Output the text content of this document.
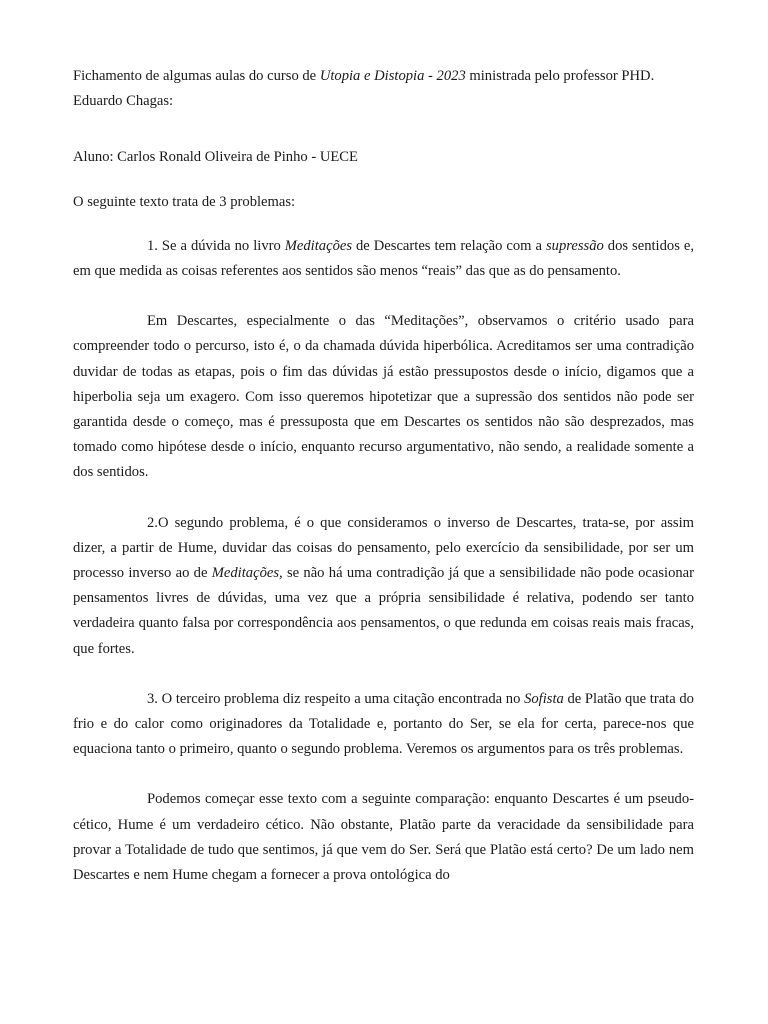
Fichamento de algumas aulas do curso de Utopia e Distopia - 2023 ministrada pelo professor PHD. Eduardo Chagas:

Aluno: Carlos Ronald Oliveira de Pinho - UECE

O seguinte texto trata de 3 problemas:

1. Se a dúvida no livro Meditações de Descartes tem relação com a supressão dos sentidos e, em que medida as coisas referentes aos sentidos são menos “reais” das que as do pensamento.

Em Descartes, especialmente o das “Meditações”, observamos o critério usado para compreender todo o percurso, isto é, o da chamada dúvida hiperbólica. Acreditamos ser uma contradição duvidar de todas as etapas, pois o fim das dúvidas já estão pressupostos desde o início, digamos que a hiperbolia seja um exagero. Com isso queremos hipotetizar que a supressão dos sentidos não pode ser garantida desde o começo, mas é pressuposta que em Descartes os sentidos não são desprezados, mas tomado como hipótese desde o início, enquanto recurso argumentativo, não sendo, a realidade somente a dos sentidos.

2.O segundo problema, é o que consideramos o inverso de Descartes, trata-se, por assim dizer, a partir de Hume, duvidar das coisas do pensamento, pelo exercício da sensibilidade, por ser um processo inverso ao de Meditações, se não há uma contradição já que a sensibilidade não pode ocasionar pensamentos livres de dúvidas, uma vez que a própria sensibilidade é relativa, podendo ser tanto verdadeira quanto falsa por correspondência aos pensamentos, o que redunda em coisas reais mais fracas, que fortes.

3. O terceiro problema diz respeito a uma citação encontrada no Sofista de Platão que trata do frio e do calor como originadores da Totalidade e, portanto do Ser, se ela for certa, parece-nos que equaciona tanto o primeiro, quanto o segundo problema. Veremos os argumentos para os três problemas.

Podemos começar esse texto com a seguinte comparação: enquanto Descartes é um pseudo-cético, Hume é um verdadeiro cético. Não obstante, Platão parte da veracidade da sensibilidade para provar a Totalidade de tudo que sentimos, já que vem do Ser. Será que Platão está certo? De um lado nem Descartes e nem Hume chegam a fornecer a prova ontológica do
